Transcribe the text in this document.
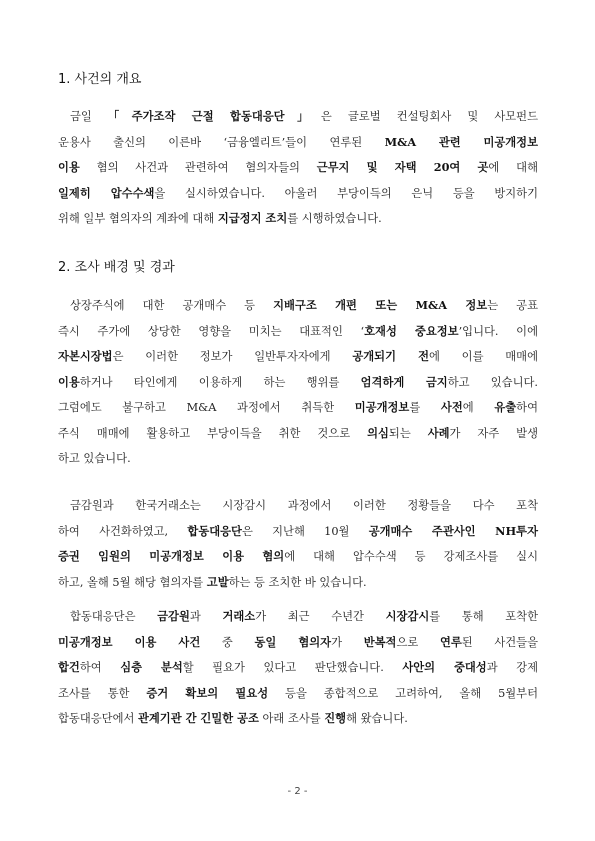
1. 사건의 개요
금일 「주가조작 근절 합동대응단」은 글로벌 컨설팅회사 및 사모펀드
운용사 출신의 이른바 ‘금융엘리트’들이 연루된 M&A 관련 미공개정보
이용 혐의 사건과 관련하여 혐의자들의 근무지 및 자택 20여 곳에 대해
일제히 압수수색을 실시하였습니다. 아울러 부당이득의 은닉 등을 방지하기
위해 일부 혐의자의 계좌에 대해 지급정지 조치를 시행하였습니다.
2. 조사 배경 및 경과
상장주식에 대한 공개매수 등 지배구조 개편 또는 M&A 정보는 공표
즉시 주가에 상당한 영향을 미치는 대표적인 ‘호재성 중요정보’입니다. 이에
자본시장법은 이러한 정보가 일반투자자에게 공개되기 전에 이를 매매에
이용하거나 타인에게 이용하게 하는 행위를 엄격하게 금지하고 있습니다.
그럼에도 불구하고 M&A 과정에서 취득한 미공개정보를 사전에 유출하여
주식 매매에 활용하고 부당이득을 취한 것으로 의심되는 사례가 자주 발생
하고 있습니다.
금감원과 한국거래소는 시장감시 과정에서 이러한 정황들을 다수 포착
하여 사건화하였고, 합동대응단은 지난해 10월 공개매수 주관사인 NH투자
증권 임원의 미공개정보 이용 혐의에 대해 압수수색 등 강제조사를 실시
하고, 올해 5월 해당 혐의자를 고발하는 등 조치한 바 있습니다.
합동대응단은 금감원과 거래소가 최근 수년간 시장감시를 통해 포착한
미공개정보 이용 사건 중 동일 혐의자가 반복적으로 연루된 사건들을
합건하여 심층 분석할 필요가 있다고 판단했습니다. 사안의 중대성과 강제
조사를 통한 증거 확보의 필요성 등을 종합적으로 고려하여, 올해 5월부터
합동대응단에서 관계기관 간 긴밀한 공조 아래 조사를 진행해 왔습니다.
- 2 -
